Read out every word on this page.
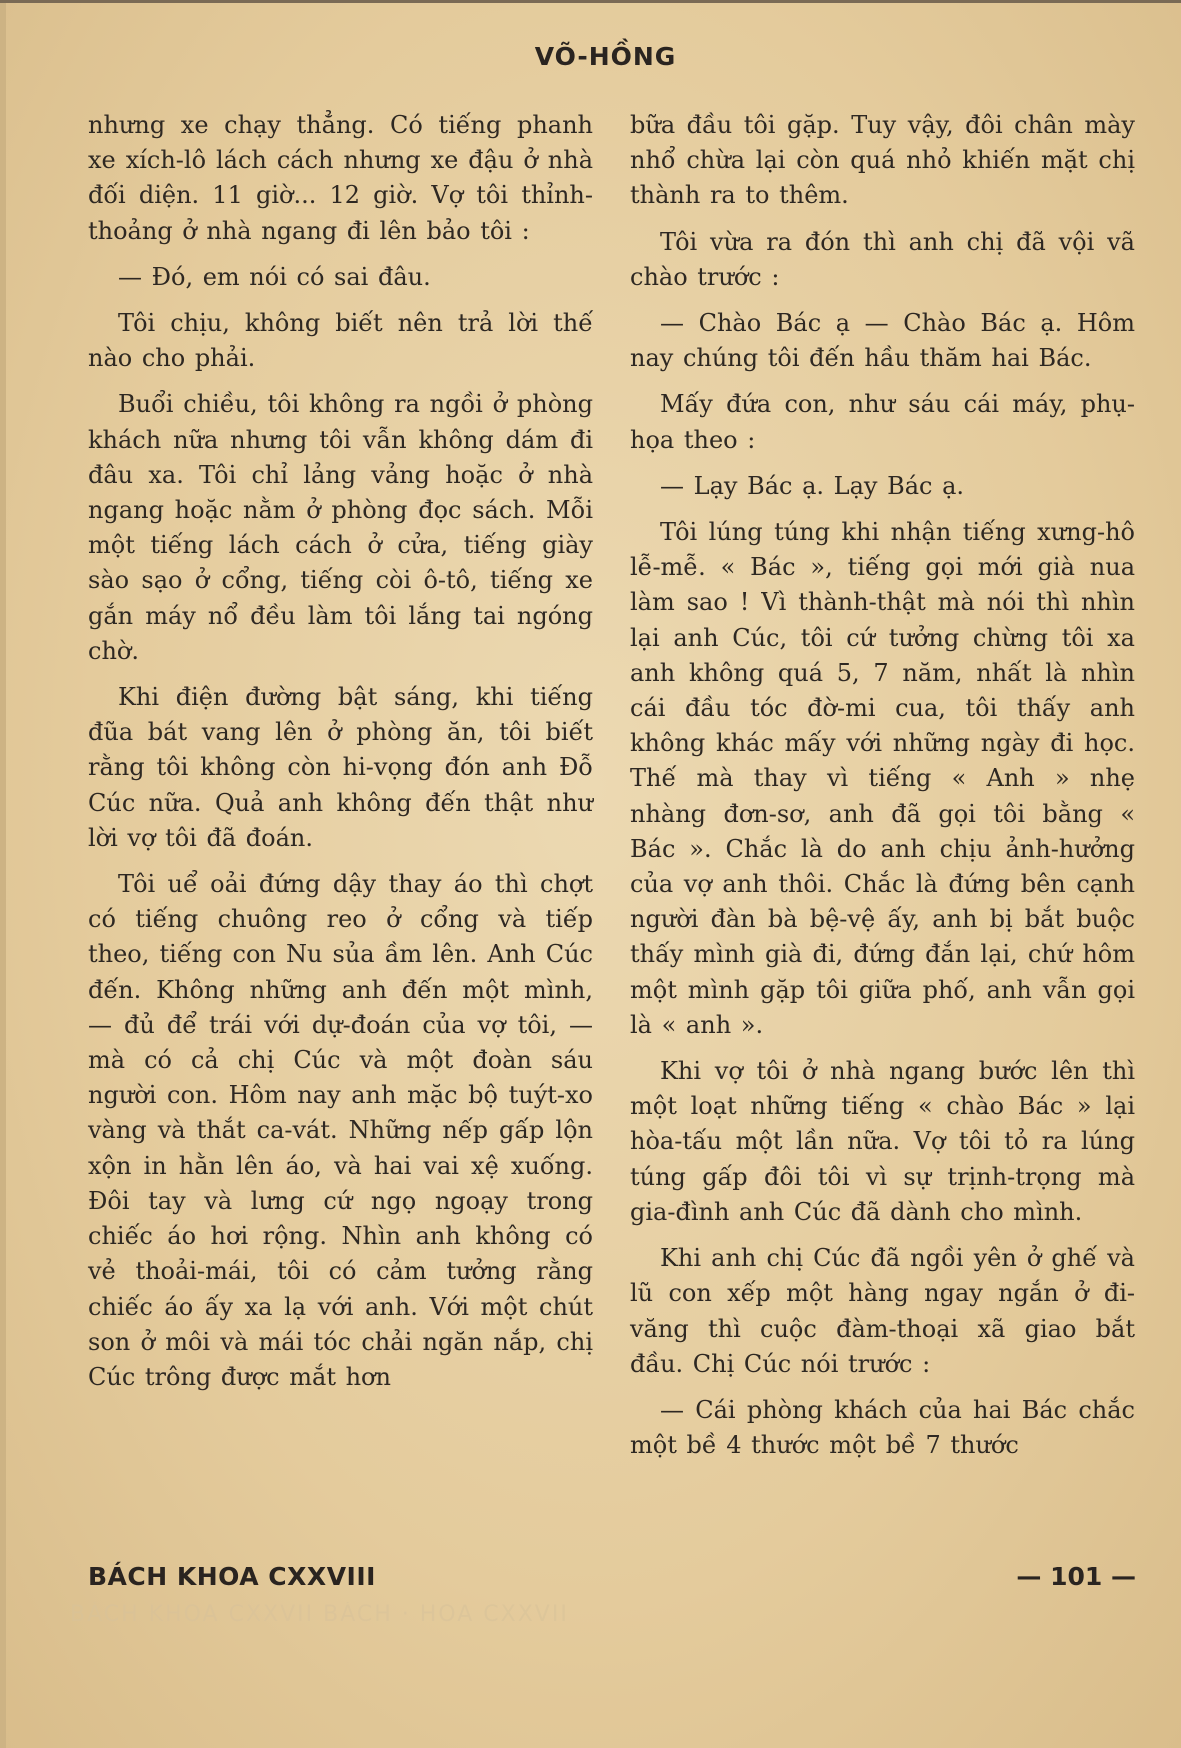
VÕ-HỒNG

nhưng xe chạy thẳng. Có tiếng phanh xe xích-lô lách cách nhưng xe đậu ở nhà đối diện. 11 giờ... 12 giờ. Vợ tôi thỉnh-thoảng ở nhà ngang đi lên bảo tôi :

— Đó, em nói có sai đâu.

Tôi chịu, không biết nên trả lời thế nào cho phải.

Buổi chiều, tôi không ra ngồi ở phòng khách nữa nhưng tôi vẫn không dám đi đâu xa. Tôi chỉ lảng vảng hoặc ở nhà ngang hoặc nằm ở phòng đọc sách. Mỗi một tiếng lách cách ở cửa, tiếng giày sào sạo ở cổng, tiếng còi ô-tô, tiếng xe gắn máy nổ đều làm tôi lắng tai ngóng chờ.

Khi điện đường bật sáng, khi tiếng đũa bát vang lên ở phòng ăn, tôi biết rằng tôi không còn hi-vọng đón anh Đỗ Cúc nữa. Quả anh không đến thật như lời vợ tôi đã đoán.

Tôi uể oải đứng dậy thay áo thì chợt có tiếng chuông reo ở cổng và tiếp theo, tiếng con Nu sủa ầm lên. Anh Cúc đến. Không những anh đến một mình, — đủ để trái với dự-đoán của vợ tôi, — mà có cả chị Cúc và một đoàn sáu người con. Hôm nay anh mặc bộ tuýt-xo vàng và thắt ca-vát. Những nếp gấp lộn xộn in hằn lên áo, và hai vai xệ xuống. Đôi tay và lưng cứ ngọ ngoạy trong chiếc áo hơi rộng. Nhìn anh không có vẻ thoải-mái, tôi có cảm tưởng rằng chiếc áo ấy xa lạ với anh. Với một chút son ở môi và mái tóc chải ngăn nắp, chị Cúc trông được mắt hơn

bữa đầu tôi gặp. Tuy vậy, đôi chân mày nhổ chừa lại còn quá nhỏ khiến mặt chị thành ra to thêm.

Tôi vừa ra đón thì anh chị đã vội vã chào trước :

— Chào Bác ạ — Chào Bác ạ. Hôm nay chúng tôi đến hầu thăm hai Bác.

Mấy đứa con, như sáu cái máy, phụ-họa theo :

— Lạy Bác ạ. Lạy Bác ạ.

Tôi lúng túng khi nhận tiếng xưng-hô lễ-mễ. « Bác », tiếng gọi mới già nua làm sao ! Vì thành-thật mà nói thì nhìn lại anh Cúc, tôi cứ tưởng chừng tôi xa anh không quá 5, 7 năm, nhất là nhìn cái đầu tóc đờ-mi cua, tôi thấy anh không khác mấy với những ngày đi học. Thế mà thay vì tiếng « Anh » nhẹ nhàng đơn-sơ, anh đã gọi tôi bằng « Bác ». Chắc là do anh chịu ảnh-hưởng của vợ anh thôi. Chắc là đứng bên cạnh người đàn bà bệ-vệ ấy, anh bị bắt buộc thấy mình già đi, đứng đắn lại, chứ hôm một mình gặp tôi giữa phố, anh vẫn gọi là « anh ».

Khi vợ tôi ở nhà ngang bước lên thì một loạt những tiếng « chào Bác » lại hòa-tấu một lần nữa. Vợ tôi tỏ ra lúng túng gấp đôi tôi vì sự trịnh-trọng mà gia-đình anh Cúc đã dành cho mình.

Khi anh chị Cúc đã ngồi yên ở ghế và lũ con xếp một hàng ngay ngắn ở đi-văng thì cuộc đàm-thoại xã giao bắt đầu. Chị Cúc nói trước :

— Cái phòng khách của hai Bác chắc một bề 4 thước một bề 7 thước

BÁCH KHOA CXXVIII	— 101 —
BÁCH KHOA CXXVII BÁCH · HOA CXXVII
